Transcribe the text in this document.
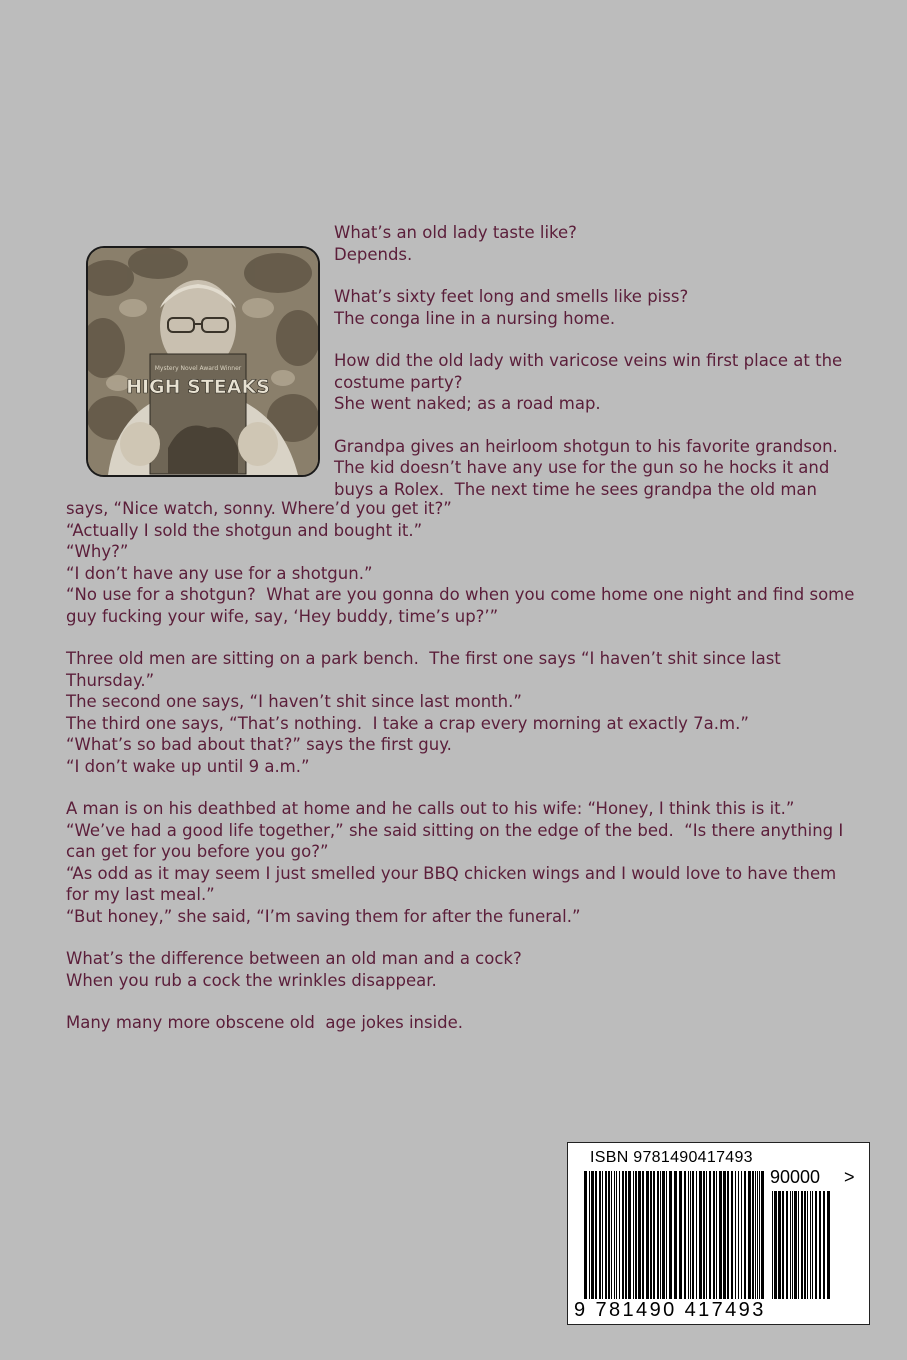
Mystery Novel Award Winner
HIGH STEAKS
What’s an old lady taste like?
Depends.
What’s sixty feet long and smells like piss?
The conga line in a nursing home.
How did the old lady with varicose veins win first place at the costume party?
She went naked; as a road map.
Grandpa gives an heirloom shotgun to his favorite grandson.
The kid doesn’t have any use for the gun so he hocks it and buys a Rolex.  The next time he sees grandpa the old man
says, “Nice watch, sonny. Where’d you get it?”
“Actually I sold the shotgun and bought it.”
“Why?”
“I don’t have any use for a shotgun.”
“No use for a shotgun?  What are you gonna do when you come home one night and find some guy fucking your wife, say, ‘Hey buddy, time’s up?’”
Three old men are sitting on a park bench.  The first one says “I haven’t shit since last Thursday.”
The second one says, “I haven’t shit since last month.”
The third one says, “That’s nothing.  I take a crap every morning at exactly 7a.m.”
“What’s so bad about that?” says the first guy.
“I don’t wake up until 9 a.m.”
A man is on his deathbed at home and he calls out to his wife: “Honey, I think this is it.”
“We’ve had a good life together,” she said sitting on the edge of the bed.  “Is there anything I can get for you before you go?”
“As odd as it may seem I just smelled your BBQ chicken wings and I would love to have them for my last meal.”
“But honey,” she said, “I’m saving them for after the funeral.”
What’s the difference between an old man and a cock?
When you rub a cock the wrinkles disappear.
Many many more obscene old  age jokes inside.
ISBN 9781490417493
90000 >
9 781490 417493
